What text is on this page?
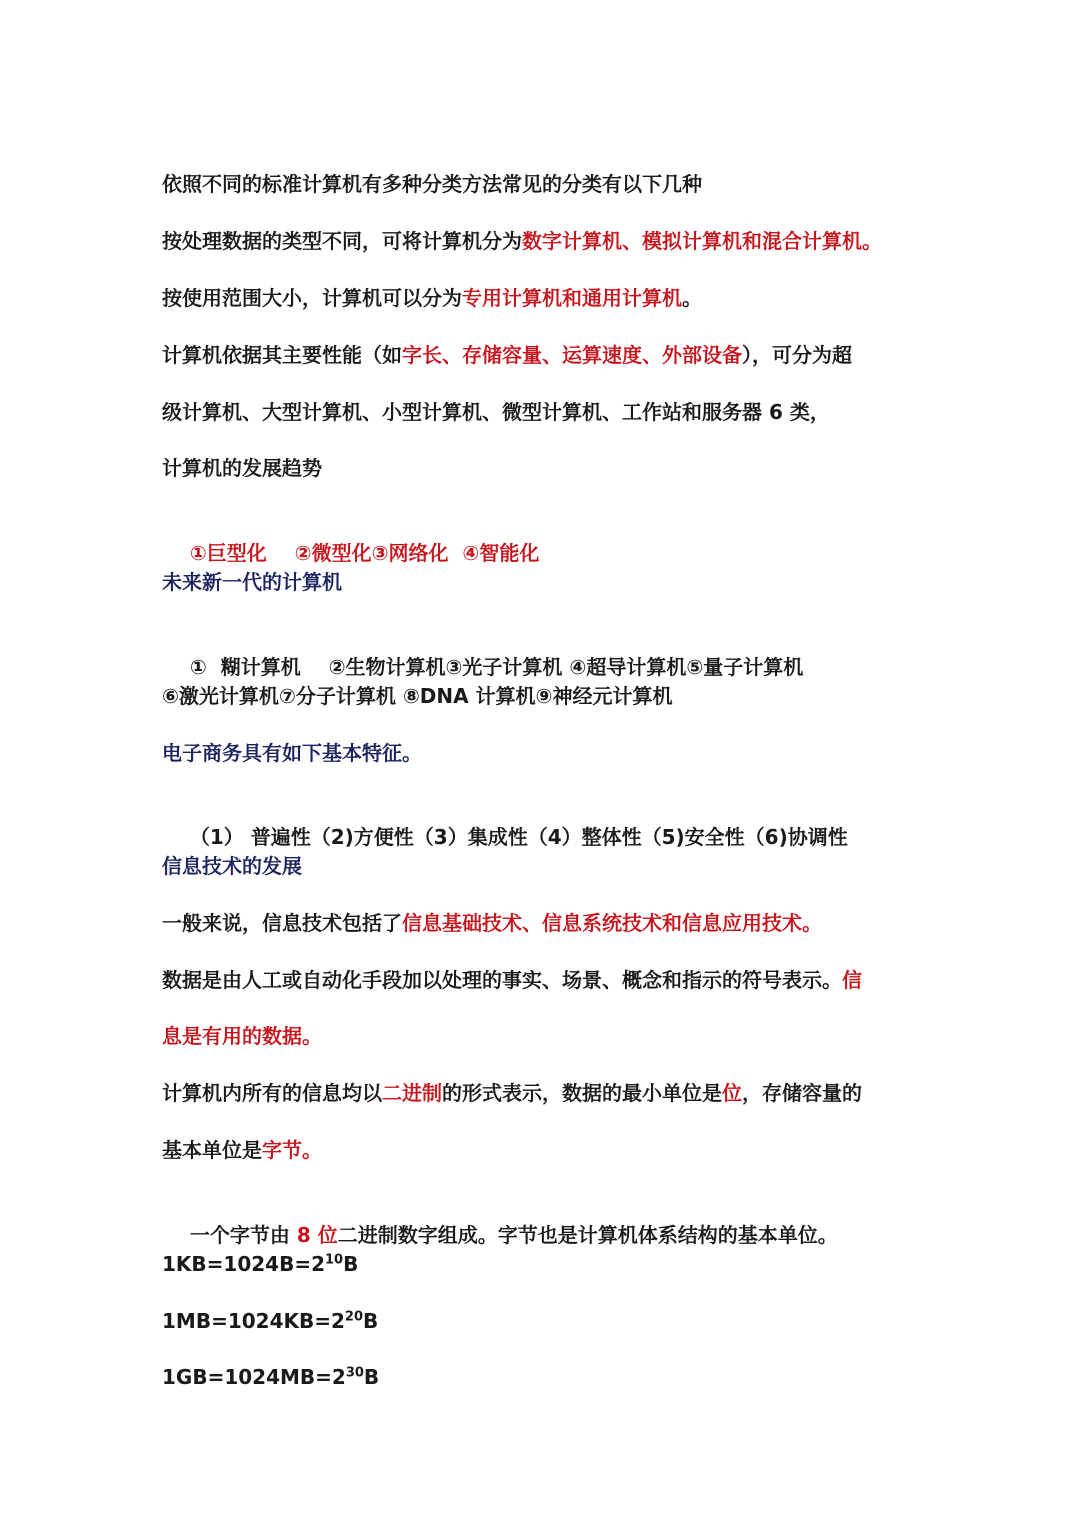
依照不同的标准计算机有多种分类方法常见的分类有以下几种
按处理数据的类型不同，可将计算机分为数字计算机、模拟计算机和混合计算机。
按使用范围大小，计算机可以分为专用计算机和通用计算机。
计算机依据其主要性能（如字长、存储容量、运算速度、外部设备），可分为超
级计算机、大型计算机、小型计算机、微型计算机、工作站和服务器 6 类，
计算机的发展趋势

①巨型化    ②微型化③网络化  ④智能化

未来新一代的计算机

①  糊计算机    ②生物计算机③光子计算机 ④超导计算机⑤量子计算机

⑥激光计算机⑦分子计算机 ⑧DNA 计算机⑨神经元计算机
电子商务具有如下基本特征。

（1） 普遍性（2)方便性（3）集成性（4）整体性（5)安全性（6)协调性

信息技术的发展
一般来说，信息技术包括了信息基础技术、信息系统技术和信息应用技术。
数据是由人工或自动化手段加以处理的事实、场景、概念和指示的符号表示。信
息是有用的数据。
计算机内所有的信息均以二进制的形式表示，数据的最小单位是位，存储容量的
基本单位是字节。

一个字节由 8 位二进制数字组成。字节也是计算机体系结构的基本单位。

$1KB=1024B=2^{10}B$
$1MB=1024KB=2^{20}B$
$1GB=1024MB=2^{30}B$
